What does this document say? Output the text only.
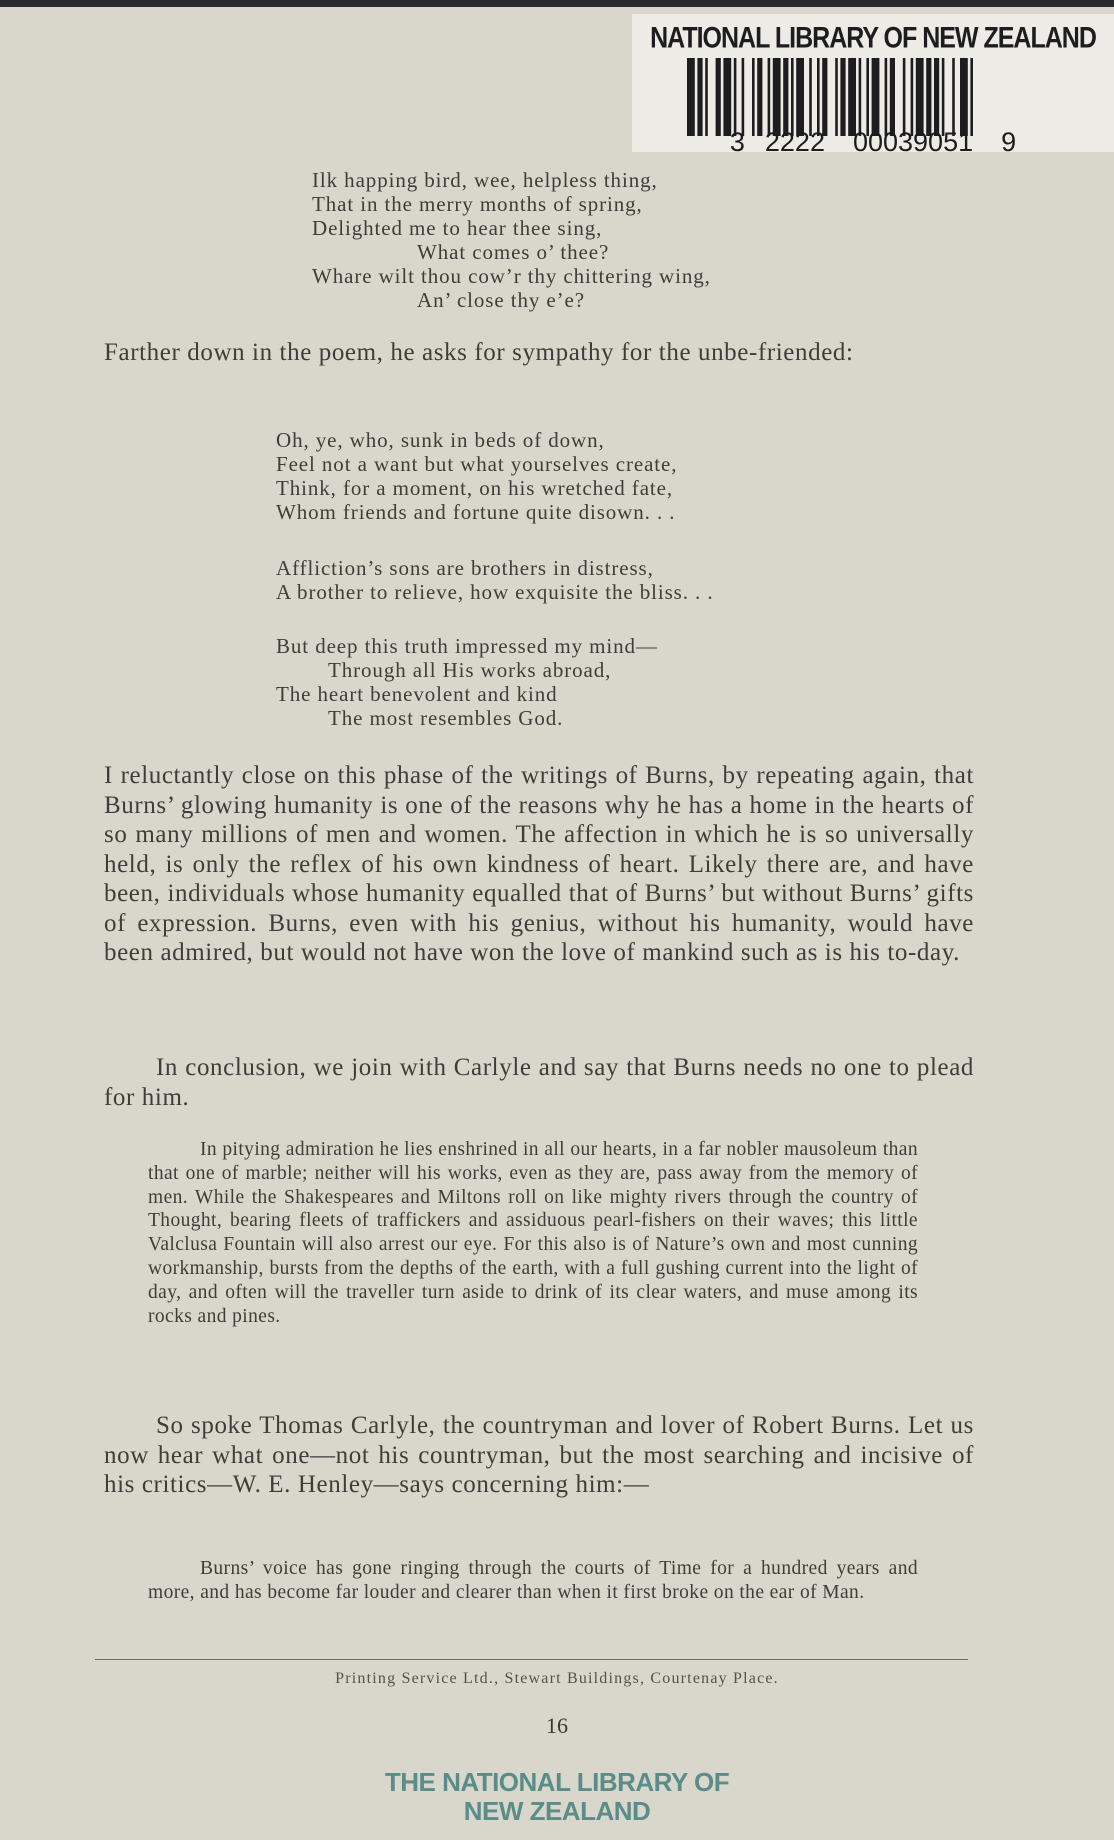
NATIONAL LIBRARY OF NEW ZEALAND
3 2222 00039051 9
Ilk happing bird, wee, helpless thing,
That in the merry months of spring,
Delighted me to hear thee sing,
What comes o’ thee?
Whare wilt thou cow’r thy chittering wing,
An’ close thy e’e?
Farther down in the poem, he asks for sympathy for the unbe-friended:
Oh, ye, who, sunk in beds of down,
Feel not a want but what yourselves create,
Think, for a moment, on his wretched fate,
Whom friends and fortune quite disown. . .
Affliction’s sons are brothers in distress,
A brother to relieve, how exquisite the bliss. . .
But deep this truth impressed my mind—
Through all His works abroad,
The heart benevolent and kind
The most resembles God.
I reluctantly close on this phase of the writings of Burns, by repeating again, that Burns’ glowing humanity is one of the reasons why he has a home in the hearts of so many millions of men and women. The affection in which he is so universally held, is only the reflex of his own kindness of heart. Likely there are, and have been, individuals whose humanity equalled that of Burns’ but without Burns’ gifts of expression. Burns, even with his genius, without his humanity, would have been admired, but would not have won the love of mankind such as is his to-day.
In conclusion, we join with Carlyle and say that Burns needs no one to plead for him.
In pitying admiration he lies enshrined in all our hearts, in a far nobler mausoleum than that one of marble; neither will his works, even as they are, pass away from the memory of men. While the Shakespeares and Miltons roll on like mighty rivers through the country of Thought, bearing fleets of traffickers and assiduous pearl-fishers on their waves; this little Valclusa Fountain will also arrest our eye. For this also is of Nature’s own and most cunning workmanship, bursts from the depths of the earth, with a full gushing current into the light of day, and often will the traveller turn aside to drink of its clear waters, and muse among its rocks and pines.
So spoke Thomas Carlyle, the countryman and lover of Robert Burns. Let us now hear what one—not his countryman, but the most searching and incisive of his critics—W. E. Henley—says concerning him:—
Burns’ voice has gone ringing through the courts of Time for a hundred years and more, and has become far louder and clearer than when it first broke on the ear of Man.
Printing Service Ltd., Stewart Buildings, Courtenay Place.
16
THE NATIONAL LIBRARY OF
NEW ZEALAND
